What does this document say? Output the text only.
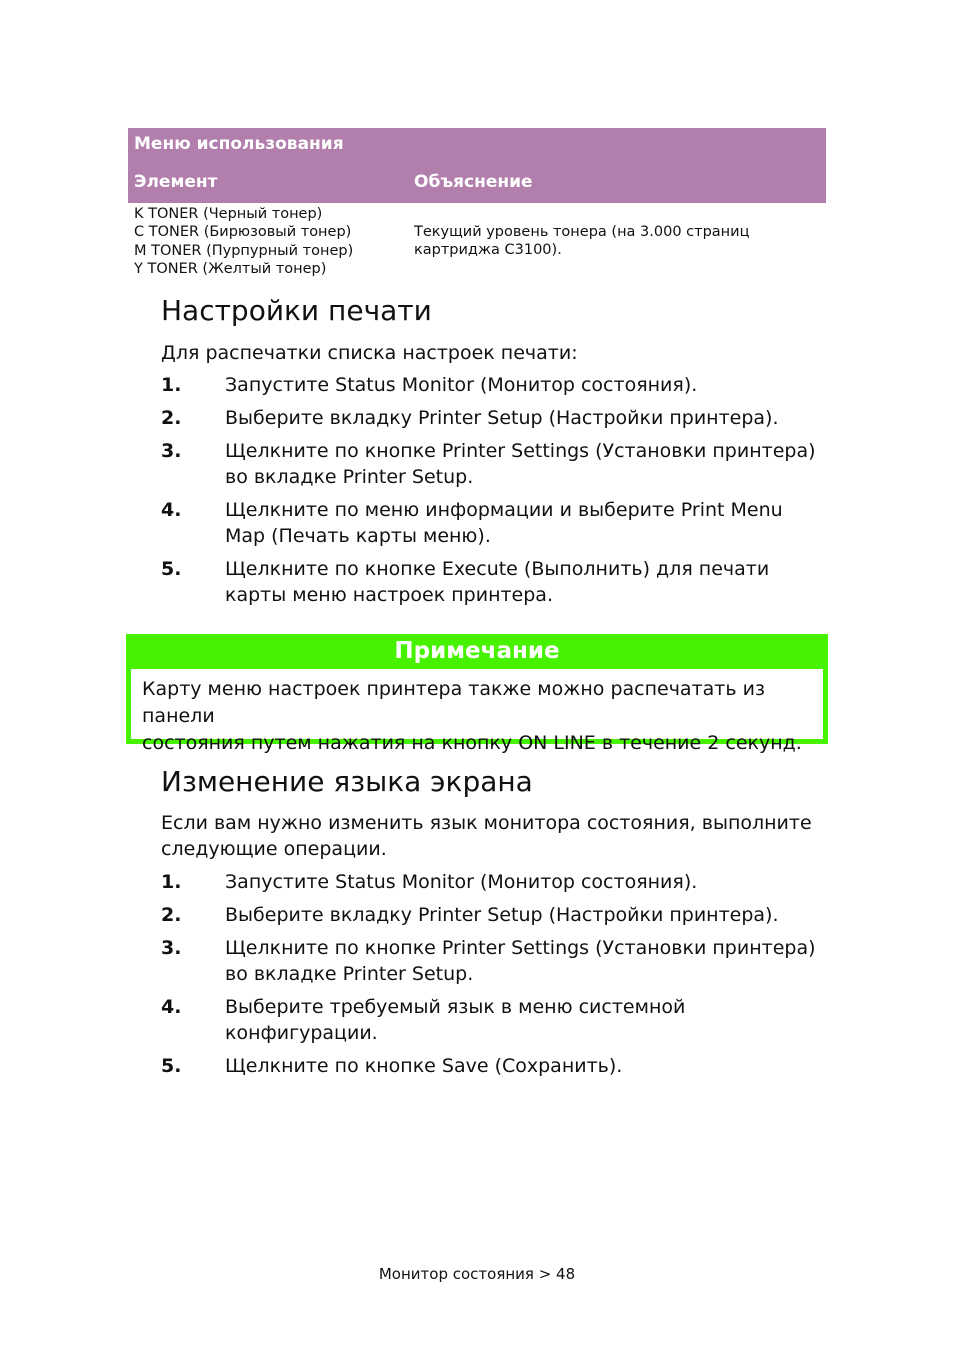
Меню использования
Элемент	Объяснение
K TONER (Черный тонер)
C TONER (Бирюзовый тонер)
M TONER (Пурпурный тонер)
Y TONER (Желтый тонер)
Текущий уровень тонера (на 3.000 страниц
картриджа C3100).
Настройки печати
Для распечатки списка настроек печати:
1. Запустите Status Monitor (Монитор состояния).
2. Выберите вкладку Printer Setup (Настройки принтера).
3. Щелкните по кнопке Printer Settings (Установки принтера) во вкладке Printer Setup.
4. Щелкните по меню информации и выберите Print Menu Map (Печать карты меню).
5. Щелкните по кнопке Execute (Выполнить) для печати карты меню настроек принтера.
Примечание
Карту меню настроек принтера также можно распечатать из панели
состояния путем нажатия на кнопку ON LINE в течение 2 секунд.
Изменение языка экрана
Если вам нужно изменить язык монитора состояния, выполните следующие операции.
1. Запустите Status Monitor (Монитор состояния).
2. Выберите вкладку Printer Setup (Настройки принтера).
3. Щелкните по кнопке Printer Settings (Установки принтера) во вкладке Printer Setup.
4. Выберите требуемый язык в меню системной конфигурации.
5. Щелкните по кнопке Save (Сохранить).
Монитор состояния > 48
